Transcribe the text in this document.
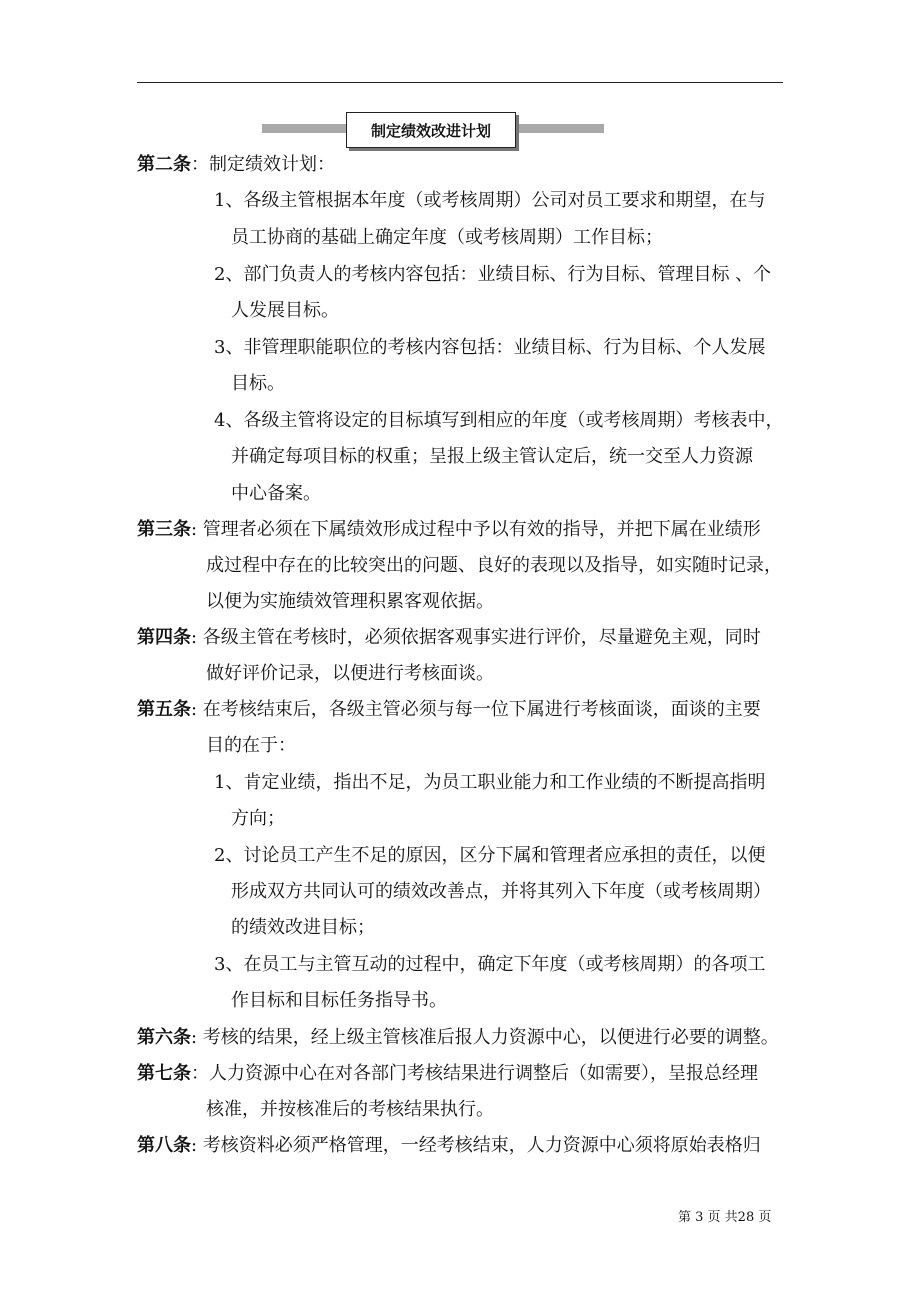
制定绩效改进计划
第二条：制定绩效计划：
1、各级主管根据本年度（或考核周期）公司对员工要求和期望，在与
员工协商的基础上确定年度（或考核周期）工作目标；
2、部门负责人的考核内容包括：业绩目标、行为目标、管理目标 、个
人发展目标。
3、非管理职能职位的考核内容包括：业绩目标、行为目标、个人发展
目标。
4、各级主管将设定的目标填写到相应的年度（或考核周期）考核表中，
并确定每项目标的权重；呈报上级主管认定后，统一交至人力资源
中心备案。
第三条: 管理者必须在下属绩效形成过程中予以有效的指导，并把下属在业绩形
成过程中存在的比较突出的问题、良好的表现以及指导，如实随时记录，
以便为实施绩效管理积累客观依据。
第四条: 各级主管在考核时，必须依据客观事实进行评价，尽量避免主观，同时
做好评价记录，以便进行考核面谈。
第五条: 在考核结束后，各级主管必须与每一位下属进行考核面谈，面谈的主要
目的在于：
1、肯定业绩，指出不足，为员工职业能力和工作业绩的不断提高指明
方向；
2、讨论员工产生不足的原因，区分下属和管理者应承担的责任，以便
形成双方共同认可的绩效改善点，并将其列入下年度（或考核周期）
的绩效改进目标；
3、在员工与主管互动的过程中，确定下年度（或考核周期）的各项工
作目标和目标任务指导书。
第六条: 考核的结果，经上级主管核准后报人力资源中心，以便进行必要的调整。
第七条：人力资源中心在对各部门考核结果进行调整后（如需要），呈报总经理
核准，并按核准后的考核结果执行。
第八条: 考核资料必须严格管理，一经考核结束，人力资源中心须将原始表格归
第 3 页 共28 页
